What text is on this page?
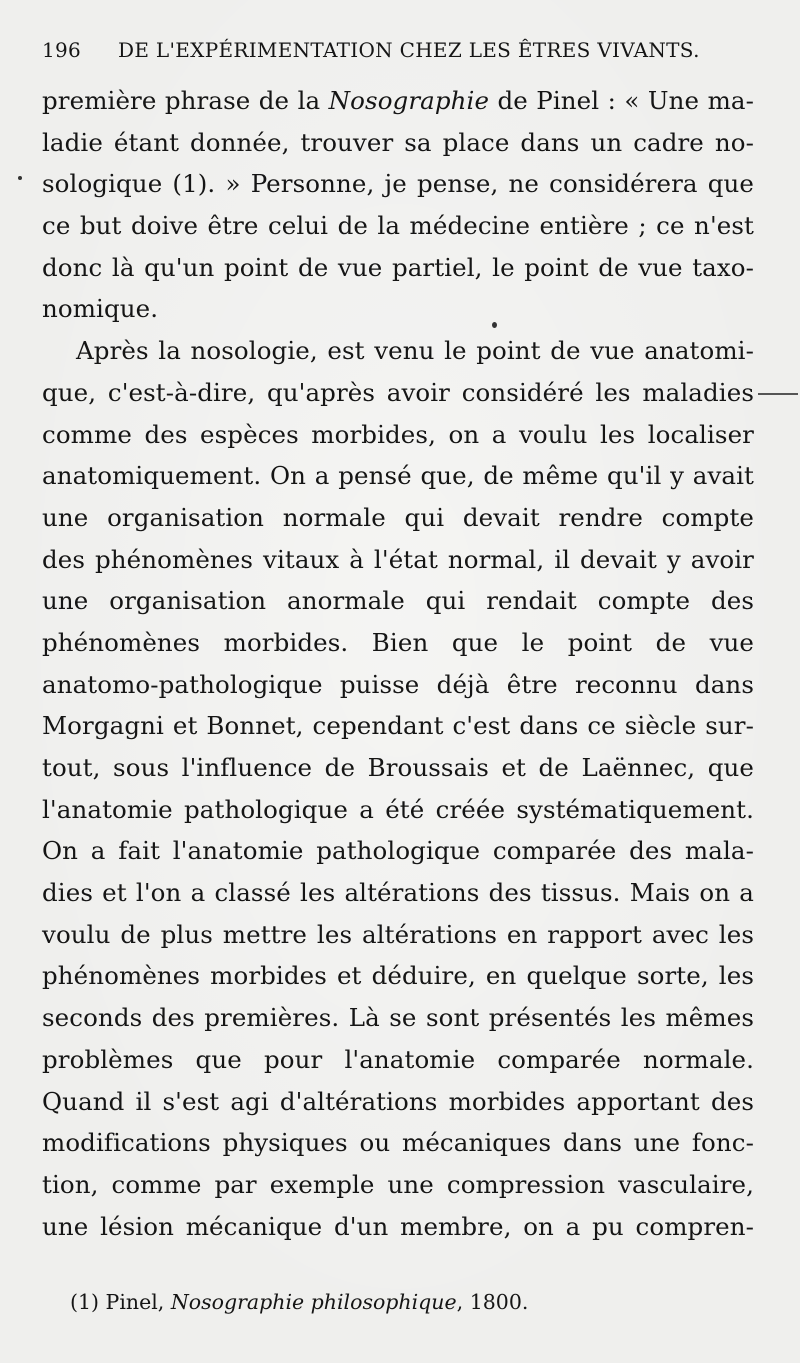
196 DE L'EXPÉRIMENTATION CHEZ LES ÊTRES VIVANTS.
première phrase de la Nosographie de Pinel : « Une ma-
ladie étant donnée, trouver sa place dans un cadre no-
sologique (1). » Personne, je pense, ne considérera que
ce but doive être celui de la médecine entière ; ce n'est
donc là qu'un point de vue partiel, le point de vue taxo-
nomique.
Après la nosologie, est venu le point de vue anatomi-
que, c'est-à-dire, qu'après avoir considéré les maladies
comme des espèces morbides, on a voulu les localiser
anatomiquement. On a pensé que, de même qu'il y avait
une organisation normale qui devait rendre compte
des phénomènes vitaux à l'état normal, il devait y avoir
une organisation anormale qui rendait compte des
phénomènes morbides. Bien que le point de vue
anatomo-pathologique puisse déjà être reconnu dans
Morgagni et Bonnet, cependant c'est dans ce siècle sur-
tout, sous l'influence de Broussais et de Laënnec, que
l'anatomie pathologique a été créée systématiquement.
On a fait l'anatomie pathologique comparée des mala-
dies et l'on a classé les altérations des tissus. Mais on a
voulu de plus mettre les altérations en rapport avec les
phénomènes morbides et déduire, en quelque sorte, les
seconds des premières. Là se sont présentés les mêmes
problèmes que pour l'anatomie comparée normale.
Quand il s'est agi d'altérations morbides apportant des
modifications physiques ou mécaniques dans une fonc-
tion, comme par exemple une compression vasculaire,
une lésion mécanique d'un membre, on a pu compren-
(1) Pinel, Nosographie philosophique, 1800.
